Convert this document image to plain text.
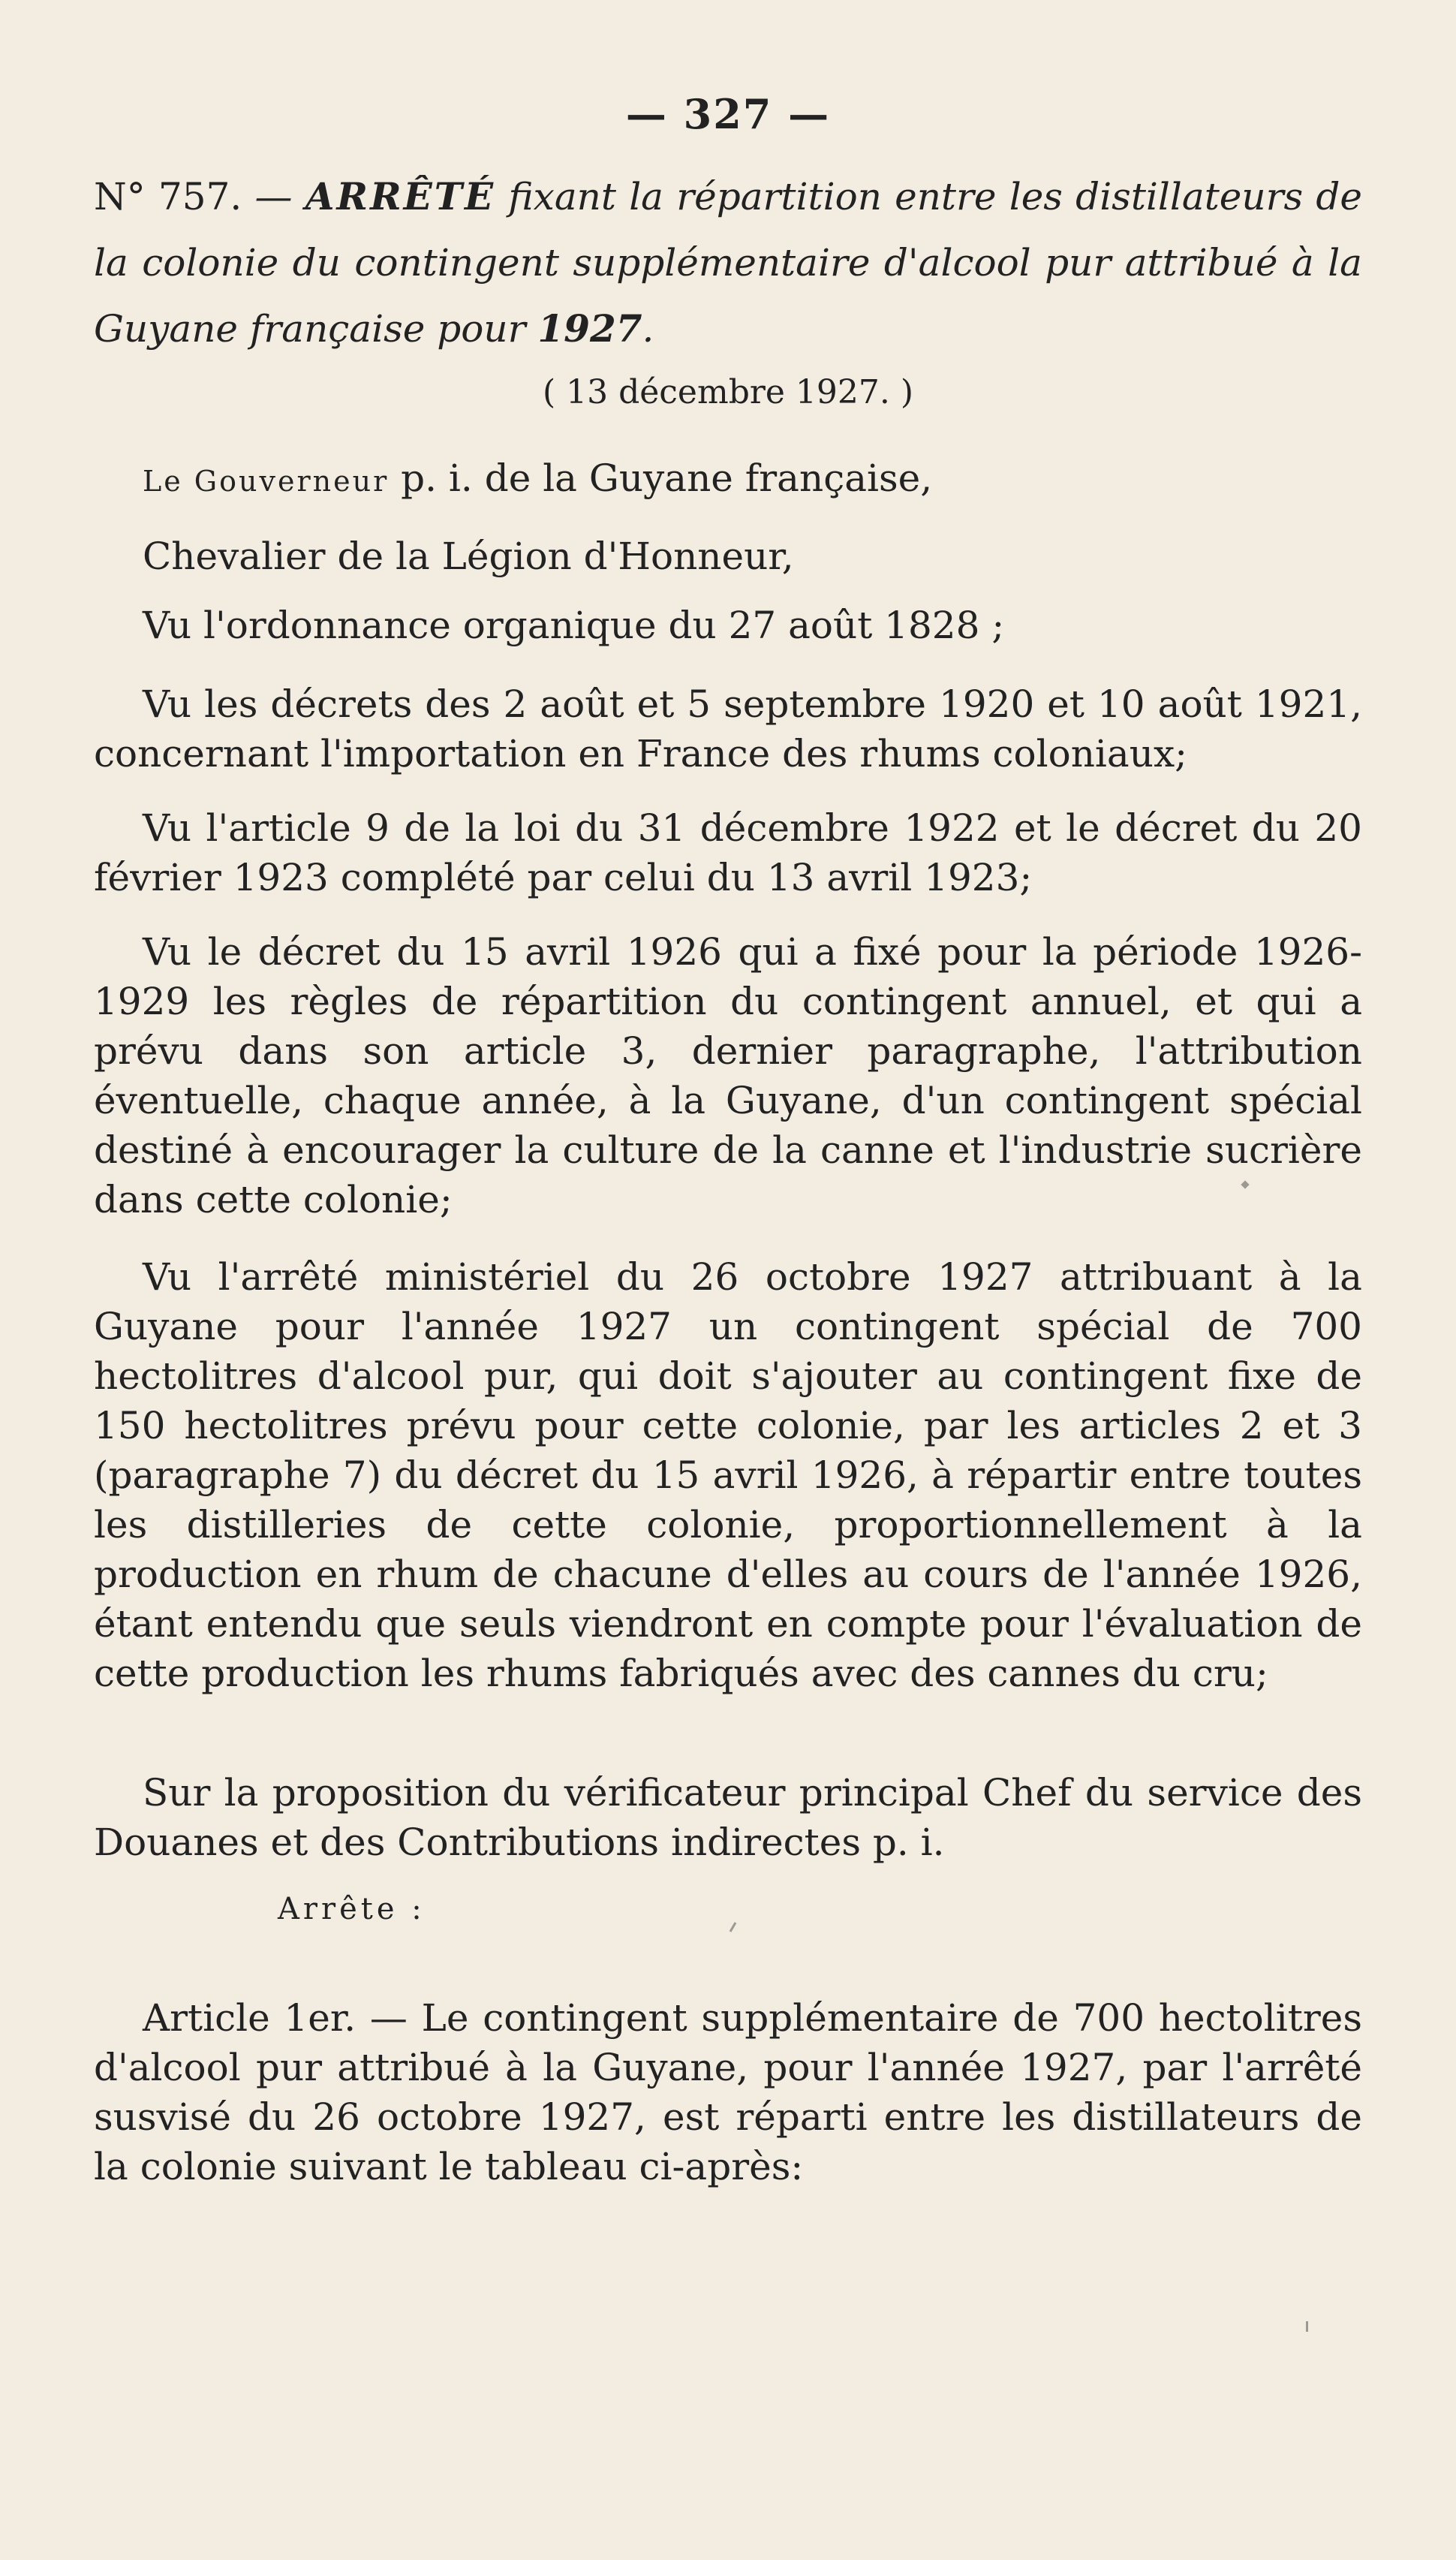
— 327 —
N° 757. — ARRÊTÉ fixant la répartition entre les distillateurs de la colonie du contingent supplémentaire d'alcool pur attribué à la Guyane française pour 1927.
( 13 décembre 1927. )

Le Gouverneur p. i. de la Guyane française,

Chevalier de la Légion d'Honneur,

Vu l'ordonnance organique du 27 août 1828 ;

Vu les décrets des 2 août et 5 septembre 1920 et 10 août 1921, concernant l'importation en France des rhums coloniaux;

Vu l'article 9 de la loi du 31 décembre 1922 et le décret du 20 février 1923 complété par celui du 13 avril 1923;

Vu le décret du 15 avril 1926 qui a fixé pour la période 1926-1929 les règles de répartition du contingent annuel, et qui a prévu dans son article 3, dernier paragraphe, l'attribution éventuelle, chaque année, à la Guyane, d'un contingent spécial destiné à encourager la culture de la canne et l'industrie sucrière dans cette colonie;

Vu l'arrêté ministériel du 26 octobre 1927 attribuant à la Guyane pour l'année 1927 un contingent spécial de 700 hectolitres d'alcool pur, qui doit s'ajouter au contingent fixe de 150 hectolitres prévu pour cette colonie, par les articles 2 et 3 (paragraphe 7) du décret du 15 avril 1926, à répartir entre toutes les distilleries de cette colonie, proportionnellement à la production en rhum de chacune d'elles au cours de l'année 1926, étant entendu que seuls viendront en compte pour l'évaluation de cette production les rhums fabriqués avec des cannes du cru;

Sur la proposition du vérificateur principal Chef du service des Douanes et des Contributions indirectes p. i.

Arrête :

Article 1er. — Le contingent supplémentaire de 700 hectolitres d'alcool pur attribué à la Guyane, pour l'année 1927, par l'arrêté susvisé du 26 octobre 1927, est réparti entre les distillateurs de la colonie suivant le tableau ci-après:
